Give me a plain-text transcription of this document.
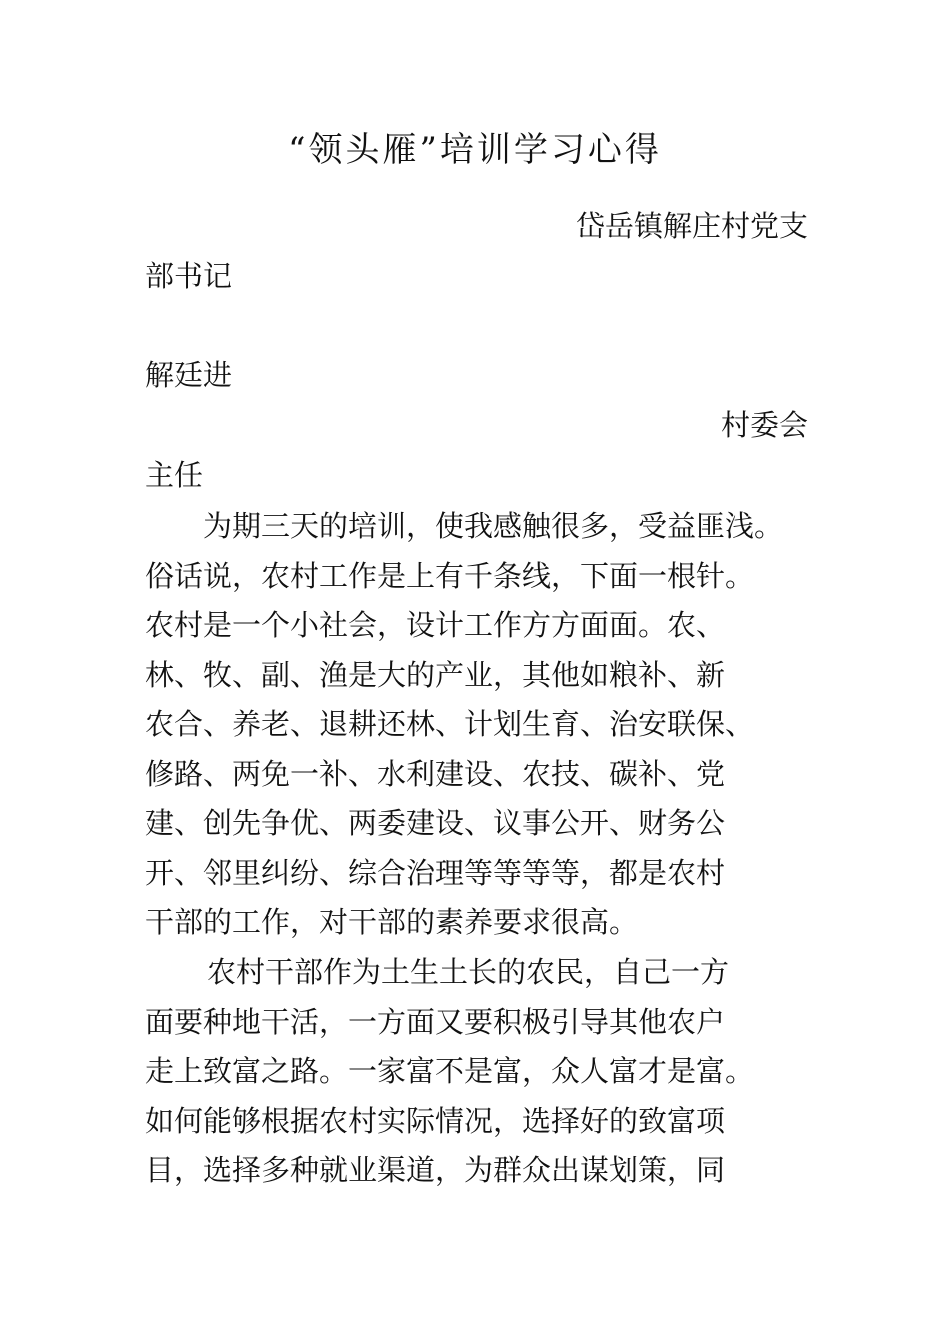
“领头雁”培训学习心得
岱岳镇解庄村党支
部书记
解廷进
村委会
主任
为期三天的培训，使我感触很多，受益匪浅。
俗话说，农村工作是上有千条线，下面一根针。
农村是一个小社会，设计工作方方面面。农、
林、牧、副、渔是大的产业，其他如粮补、新
农合、养老、退耕还林、计划生育、治安联保、
修路、两免一补、水利建设、农技、碳补、党
建、创先争优、两委建设、议事公开、财务公
开、邻里纠纷、综合治理等等等等，都是农村
干部的工作，对干部的素养要求很高。
农村干部作为土生土长的农民，自己一方
面要种地干活，一方面又要积极引导其他农户
走上致富之路。一家富不是富，众人富才是富。
如何能够根据农村实际情况，选择好的致富项
目，选择多种就业渠道，为群众出谋划策，同
